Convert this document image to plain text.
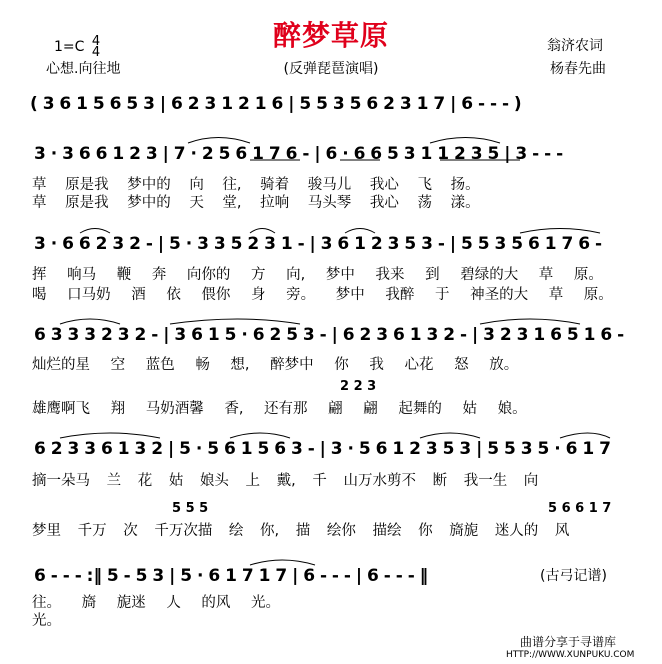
1=C 4
4
醉梦草原
心想.向往地	(反弹琵琶演唱)
翁济农词
杨春先曲
( 3 6 1 5 6 5 3 | 6 2 3 1 2 1 6 | 5 5 3 5 6 2 3 1 7 | 6 - - - )
3 · 3 6 6 1 2 3 | 7 · 2 5 6 1 7 6 - | 6 · 6 6 5 3 1 1 2 3 5 | 3 - - -
草 原是我 梦中的 向 往, 骑着 骏马儿 我心 飞 扬。
草 原是我 梦中的 天 堂, 拉响 马头琴 我心 荡 漾。
3 · 6 6 2 3 2 - | 5 · 3 3 5 2 3 1 - | 3 6 1 2 3 5 3 - | 5 5 3 5 6 1 7 6 -
挥 响马 鞭 奔 向你的 方 向, 梦中 我来 到 碧绿的大 草 原。
喝 口马奶 酒 依 偎你 身 旁。 梦中 我醉 于 神圣的大 草 原。
6 3 3 3 2 3 2 - | 3 6 1 5 · 6 2 5 3 - | 6 2 3 6 1 3 2 - | 3 2 3 1 6 5 1 6 -
灿烂的星 空 蓝色 畅 想, 醉梦中 你 我 心花 怒 放。
2 2 3
雄鹰啊飞 翔 马奶酒馨 香, 还有那 翩 翩 起舞的 姑 娘。
6 2 3 3 6 1 3 2 | 5 · 5 6 1 5 6 3 - | 3 · 5 6 1 2 3 5 3 | 5 5 3 5 · 6 1 7
摘一朵马 兰 花 姑 娘头 上 戴, 千 山万水剪不 断 我一生 向
5 5 5	5 6 6 1 7
梦里 千万 次 千万次描 绘 你, 描 绘你 描绘 你 旖旎 迷人的 风
6 - - - :‖ 5 - 5 3 | 5 · 6 1 7 1 7 | 6 - - - | 6 - - - ‖	(古弓记谱)
往。 旖 旎迷 人 的风 光。
光。
曲谱分享于寻谱库
HTTP://WWW.XUNPUKU.COM
